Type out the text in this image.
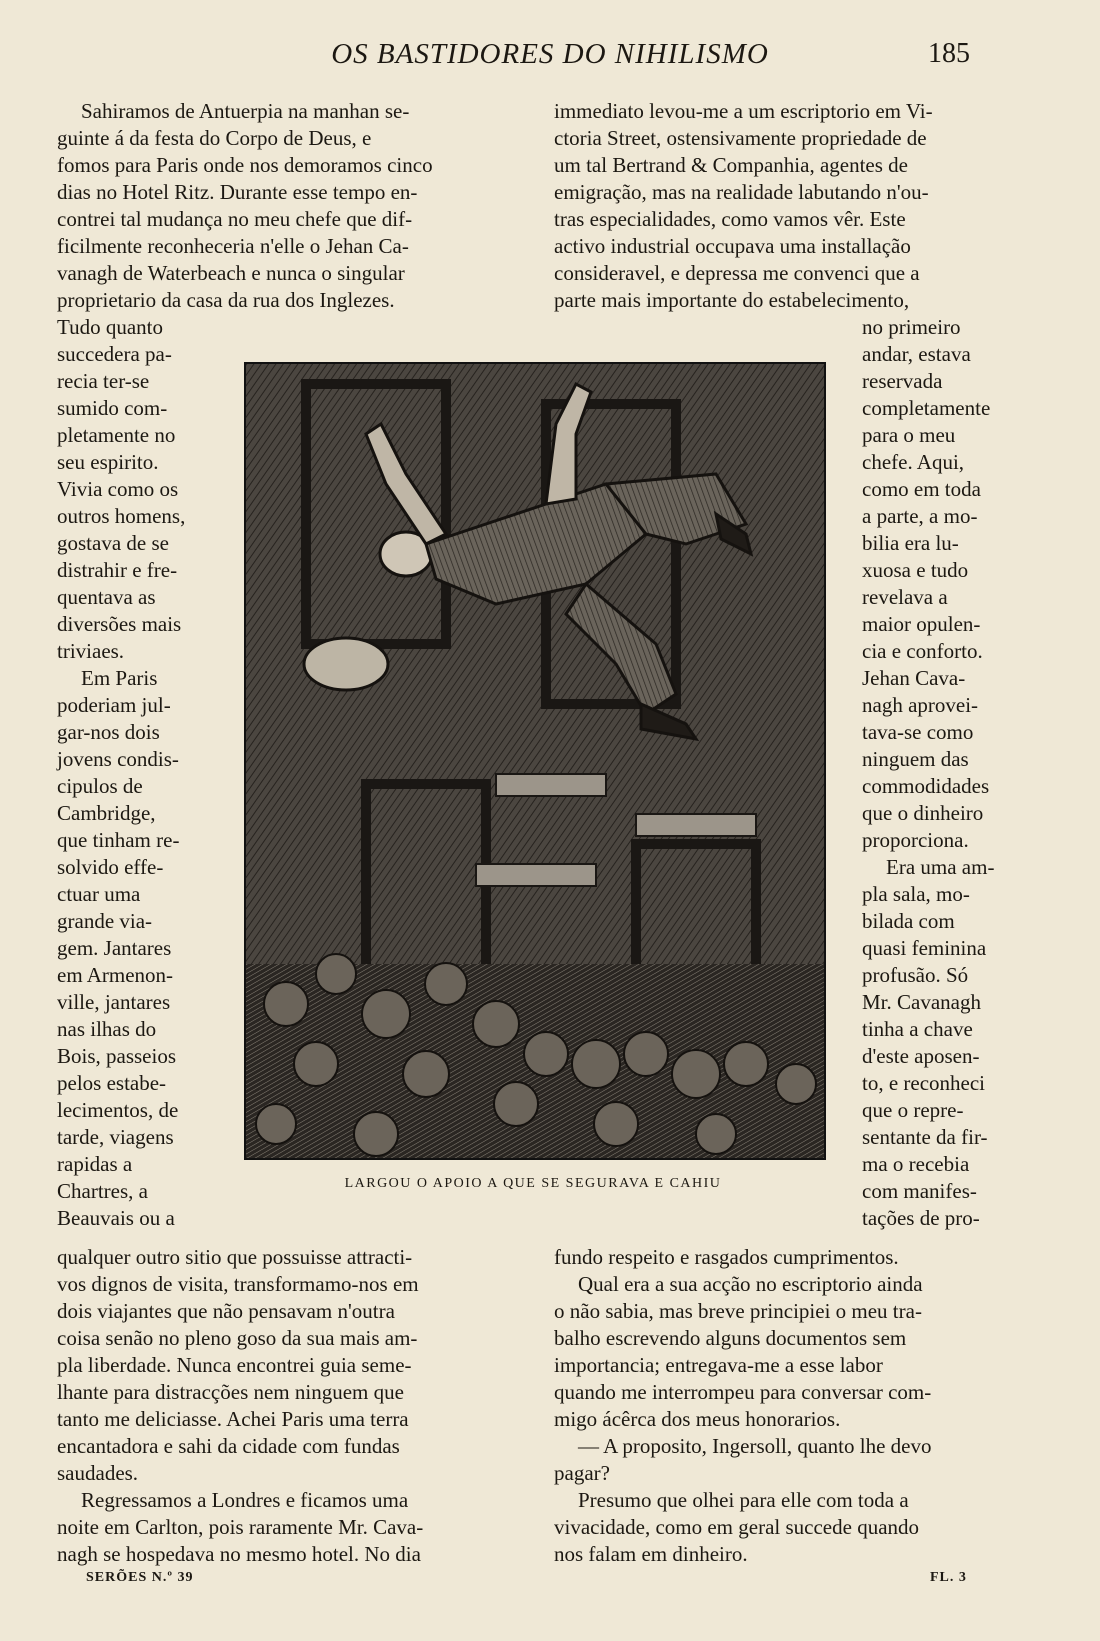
OS BASTIDORES DO NIHILISMO	185

Sahiramos de Antuerpia na manhan se-

guinte á da festa do Corpo de Deus, e

fomos para Paris onde nos demoramos cinco

dias no Hotel Ritz. Durante esse tempo en-

contrei tal mudança no meu chefe que dif-

ficilmente reconheceria n'elle o Jehan Ca-

vanagh de Waterbeach e nunca o singular

proprietario da casa da rua dos Inglezes.

Tudo quanto

succedera pa-

recia ter-se

sumido com-

pletamente no

seu espirito.

Vivia como os

outros homens,

gostava de se

distrahir e fre-

quentava as

diversões mais

triviaes.

Em Paris

poderiam jul-

gar-nos dois

jovens condis-

cipulos de

Cambridge,

que tinham re-

solvido effe-

ctuar uma

grande via-

gem. Jantares

em Armenon-

ville, jantares

nas ilhas do

Bois, passeios

pelos estabe-

lecimentos, de

tarde, viagens

rapidas a

Chartres, a

Beauvais ou a

qualquer outro sitio que possuisse attracti-

vos dignos de visita, transformamo-nos em

dois viajantes que não pensavam n'outra

coisa senão no pleno goso da sua mais am-

pla liberdade. Nunca encontrei guia seme-

lhante para distracções nem ninguem que

tanto me deliciasse. Achei Paris uma terra

encantadora e sahi da cidade com fundas

saudades.

Regressamos a Londres e ficamos uma

noite em Carlton, pois raramente Mr. Cava-

nagh se hospedava no mesmo hotel. No dia

immediato levou-me a um escriptorio em Vi-

ctoria Street, ostensivamente propriedade de

um tal Bertrand & Companhia, agentes de

emigração, mas na realidade labutando n'ou-

tras especialidades, como vamos vêr. Este

activo industrial occupava uma installação

consideravel, e depressa me convenci que a

parte mais importante do estabelecimento,

no primeiro

andar, estava

reservada

completamente

para o meu

chefe. Aqui,

como em toda

a parte, a mo-

bilia era lu-

xuosa e tudo

revelava a

maior opulen-

cia e conforto.

Jehan Cava-

nagh aprovei-

tava-se como

ninguem das

commodidades

que o dinheiro

proporciona.

Era uma am-

pla sala, mo-

bilada com

quasi feminina

profusão. Só

Mr. Cavanagh

tinha a chave

d'este aposen-

to, e reconheci

que o repre-

sentante da fir-

ma o recebia

com manifes-

tações de pro-

fundo respeito e rasgados cumprimentos.

Qual era a sua acção no escriptorio ainda

o não sabia, mas breve principiei o meu tra-

balho escrevendo alguns documentos sem

importancia; entregava-me a esse labor

quando me interrompeu para conversar com-

migo ácêrca dos meus honorarios.

— A proposito, Ingersoll, quanto lhe devo

pagar?

Presumo que olhei para elle com toda a

vivacidade, como em geral succede quando

nos falam em dinheiro.

LARGOU O APOIO A QUE SE SEGURAVA E CAHIU
SERÕES N.º 39	FL. 3
